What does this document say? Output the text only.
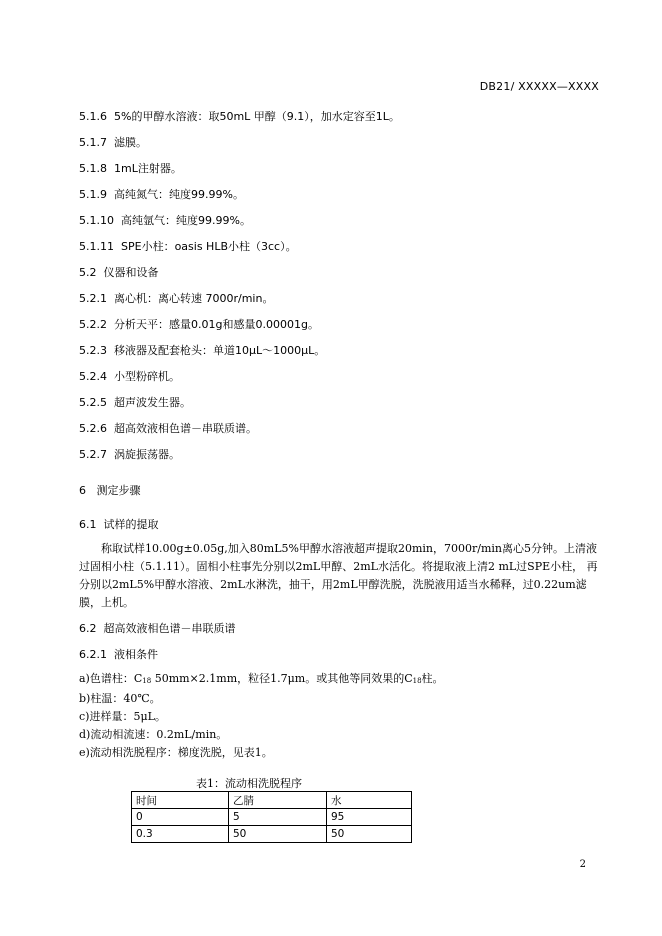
DB21/ XXXXX—XXXX
5.1.6 5%的甲醇水溶液：取50mL 甲醇（9.1），加水定容至1L。
5.1.7 滤膜。
5.1.8 1mL注射器。
5.1.9 高纯氮气：纯度99.99%。
5.1.10 高纯氩气：纯度99.99%。
5.1.11 SPE小柱：oasis HLB小柱（3cc）。
5.2 仪器和设备
5.2.1 离心机：离心转速 7000r/min。
5.2.2 分析天平：感量0.01g和感量0.00001g。
5.2.3 移液器及配套枪头：单道10μL～1000μL。
5.2.4 小型粉碎机。
5.2.5 超声波发生器。
5.2.6 超高效液相色谱－串联质谱。
5.2.7 涡旋振荡器。
6 测定步骤
6.1 试样的提取

称取试样10.00g±0.05g,加入80mL5%甲醇水溶液超声提取20min，7000r/min离心5分钟。上清液过固相小柱（5.1.11）。固相小柱事先分别以2mL甲醇、2mL水活化。将提取液上清2 mL过SPE小柱， 再分别以2mL5%甲醇水溶液、2mL水淋洗，抽干，用2mL甲醇洗脱，洗脱液用适当水稀释，过0.22um滤膜，上机。

6.2 超高效液相色谱－串联质谱
6.2.1 液相条件

a)色谱柱：C18 50mm×2.1mm，粒径1.7μm。或其他等同效果的C18柱。

b)柱温：40℃。

c)进样量：5μL。

d)流动相流速：0.2mL/min。

e)流动相洗脱程序：梯度洗脱，见表1。

表1：流动相洗脱程序
时间	乙腈	水
0	5	95
0.3	50	50
2
